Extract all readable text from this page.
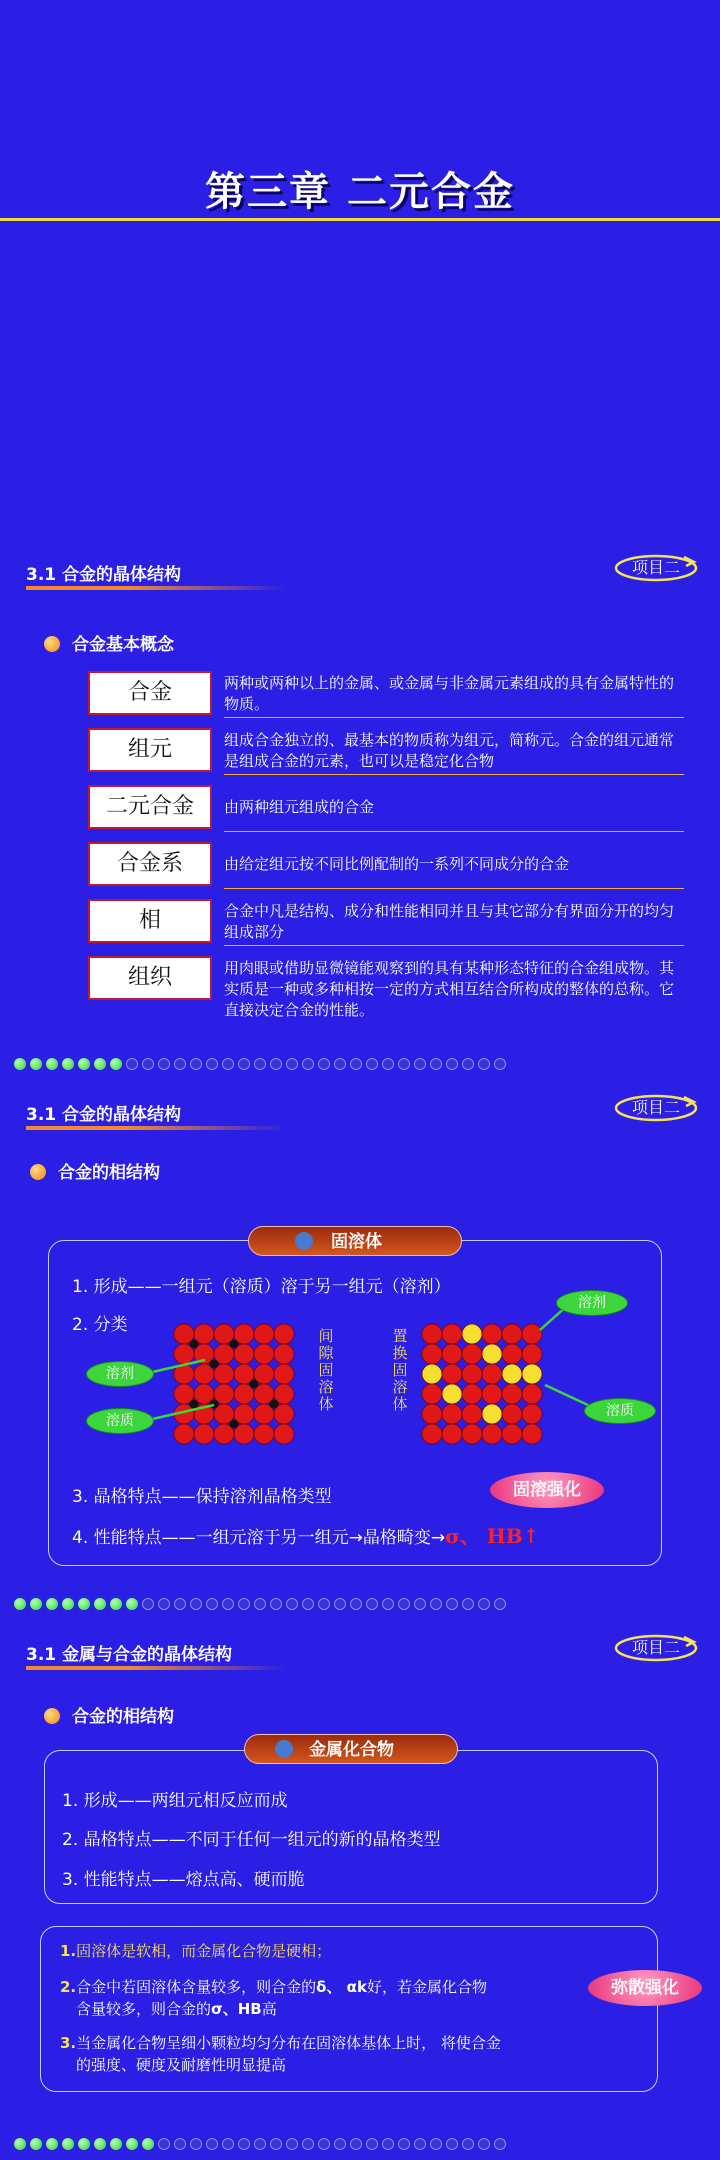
第三章 二元合金
3.1 合金的晶体结构	项目二
合金基本概念
合金	两种或两种以上的金属、或金属与非金属元素组成的具有金属特性的物质。
组元	组成合金独立的、最基本的物质称为组元，简称元。合金的组元通常是组成合金的元素，也可以是稳定化合物
二元合金	由两种组元组成的合金
合金系	由给定组元按不同比例配制的一系列不同成分的合金
相	合金中凡是结构、成分和性能相同并且与其它部分有界面分开的均匀组成部分
组织	用肉眼或借助显微镜能观察到的具有某种形态特征的合金组成物。其实质是一种或多种相按一定的方式相互结合所构成的整体的总称。它直接决定合金的性能。
3.1 合金的晶体结构	项目二
合金的相结构
固溶体
1. 形成——一组元（溶质）溶于另一组元（溶剂）
2. 分类
间隙固溶体
置换固溶体
溶剂
溶质
溶剂
溶质
固溶强化
3. 晶格特点——保持溶剂晶格类型
4. 性能特点——一组元溶于另一组元→晶格畸变→σ、 HB↑
3.1 金属与合金的晶体结构	项目二
合金的相结构
金属化合物
1. 形成——两组元相反应而成
2. 晶格特点——不同于任何一组元的新的晶格类型
3. 性能特点——熔点高、硬而脆
1.固溶体是软相，而金属化合物是硬相；
2.合金中若固溶体含量较多，则合金的δ、 αk好，若金属化合物
含量较多，则合金的σ、HB高
3.当金属化合物呈细小颗粒均匀分布在固溶体基体上时， 将使合金
的强度、硬度及耐磨性明显提高
弥散强化
